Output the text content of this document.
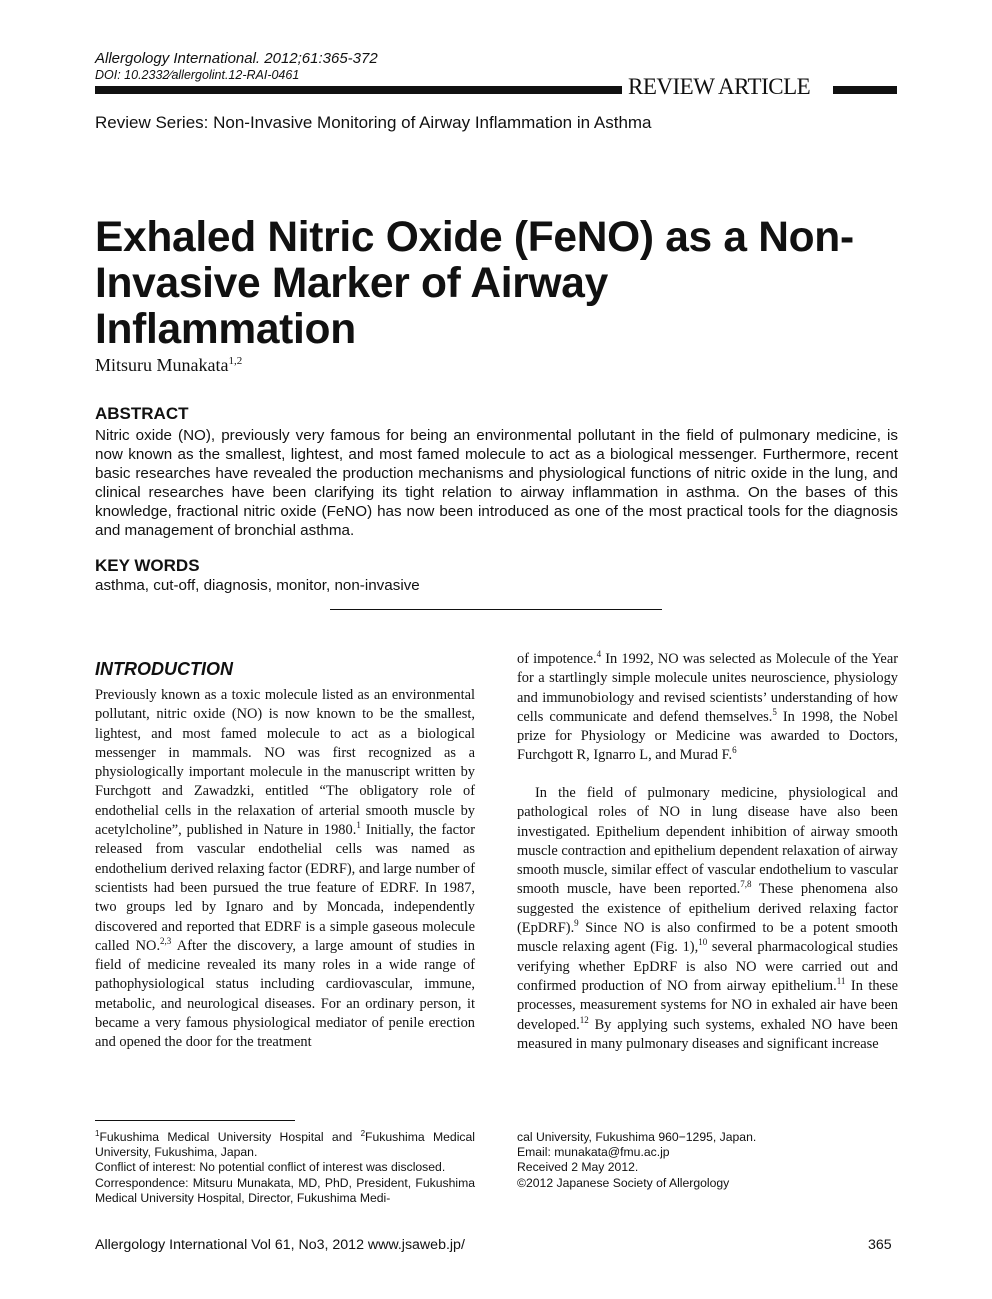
Allergology International. 2012;61:365-372
DOI: 10.2332∕allergolint.12-RAI-0461	REVIEW ARTICLE
Review Series: Non-Invasive Monitoring of Airway Inflammation in Asthma
Exhaled Nitric Oxide (FeNO) as a Non-Invasive Marker of Airway Inflammation
Mitsuru Munakata$^{1,2}$
ABSTRACT

Nitric oxide (NO), previously very famous for being an environmental pollutant in the field of pulmonary medicine, is now known as the smallest, lightest, and most famed molecule to act as a biological messenger. Furthermore, recent basic researches have revealed the production mechanisms and physiological functions of nitric oxide in the lung, and clinical researches have been clarifying its tight relation to airway inflammation in asthma. On the bases of this knowledge, fractional nitric oxide (FeNO) has now been introduced as one of the most practical tools for the diagnosis and management of bronchial asthma.

KEY WORDS
asthma, cut-off, diagnosis, monitor, non-invasive
INTRODUCTION

Previously known as a toxic molecule listed as an environmental pollutant, nitric oxide (NO) is now known to be the smallest, lightest, and most famed molecule to act as a biological messenger in mammals. NO was first recognized as a physiologically important molecule in the manuscript written by Furchgott and Zawadzki, entitled “The obligatory role of endothelial cells in the relaxation of arterial smooth muscle by acetylcholine”, published in Nature in 1980.$^1$ Initially, the factor released from vascular endothelial cells was named as endothelium derived relaxing factor (EDRF), and large number of scientists had been pursued the true feature of EDRF. In 1987, two groups led by Ignaro and by Moncada, independently discovered and reported that EDRF is a simple gaseous molecule called NO.$^{2,3}$ After the discovery, a large amount of studies in field of medicine revealed its many roles in a wide range of pathophysiological status including cardiovascular, immune, metabolic, and neurological diseases. For an ordinary person, it became a very famous physiological mediator of penile erection and opened the door for the treatment

of impotence.$^4$ In 1992, NO was selected as Molecule of the Year for a startlingly simple molecule unites neuroscience, physiology and immunobiology and revised scientists’ understanding of how cells communicate and defend themselves.$^5$ In 1998, the Nobel prize for Physiology or Medicine was awarded to Doctors, Furchgott R, Ignarro L, and Murad F.$^6$

In the field of pulmonary medicine, physiological and pathological roles of NO in lung disease have also been investigated. Epithelium dependent inhibition of airway smooth muscle contraction and epithelium dependent relaxation of airway smooth muscle, similar effect of vascular endothelium to vascular smooth muscle, have been reported.$^{7,8}$ These phenomena also suggested the existence of epithelium derived relaxing factor (EpDRF).$^9$ Since NO is also confirmed to be a potent smooth muscle relaxing agent (Fig. 1),$^{10}$ several pharmacological studies verifying whether EpDRF is also NO were carried out and confirmed production of NO from airway epithelium.$^{11}$ In these processes, measurement systems for NO in exhaled air have been developed.$^{12}$ By applying such systems, exhaled NO have been measured in many pulmonary diseases and significant increase

$^1$Fukushima Medical University Hospital and $^2$Fukushima Medical University, Fukushima, Japan.

Conflict of interest: No potential conflict of interest was disclosed.

Correspondence: Mitsuru Munakata, MD, PhD, President, Fukushima Medical University Hospital, Director, Fukushima Medi-

cal University, Fukushima 960−1295, Japan.

Email: munakata@fmu.ac.jp

Received 2 May 2012.

©2012 Japanese Society of Allergology

Allergology International Vol 61, No3, 2012 www.jsaweb.jp/	365
